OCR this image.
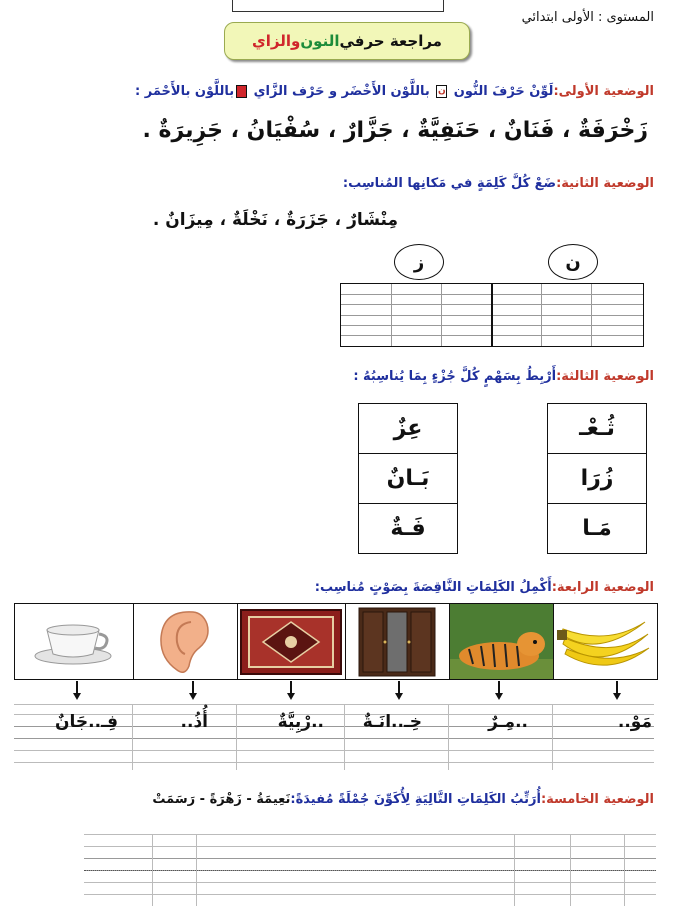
المستوى : الأولى ابتدائي
مراجعة حرفي
النون
و
الزاي
الوضعية الأولى:لَوِّنْ حَرْفَ النُّون ن باللَّوْن الأَخْضَر و حَرْف الزَّاي باللَّوْن بالأَحْمَر :
زَخْرَفَةٌ ، فَنَانٌ ، حَنَفِيَّةٌ ، جَزَّارٌ ، سُفْيَانُ ، جَزِيرَةٌ .
الوضعية الثانية:ضَعْ كُلَّ كَلِمَةٍ في مَكانِها المُناسِب:
مِنْشَارٌ ، جَزَرَةٌ ، نَخْلَةٌ ، مِيزَانٌ .
ز	ن
الوضعية الثالثة:أَرْبِطُ بِسَهْمٍ كُلَّ جُزْءٍ بِمَا يُناسِبُهُ :
ثُـعْـ
زُرَا
مَـا
عِزٌ
بَـانٌ
فَـةٌ
الوضعية الرابعة:أَكْمِلُ الكَلِمَاتِ النَّاقِصَةَ بِصَوْتٍ مُناسِب:
مَوْ..
..مِـرٌ
خِـ..انَـةٌ
..رْبِيَّةٌ
أُذُ..
فِـ..جَانٌ
الوضعية الخامسة:أُرَتِّبُ الكَلِمَاتِ التَّالِيَةِ لِأُكَوِّنَ جُمْلَةً مُفيدَةً:نَعِيمَةُ - زَهْرَةً - رَسَمَتْ
